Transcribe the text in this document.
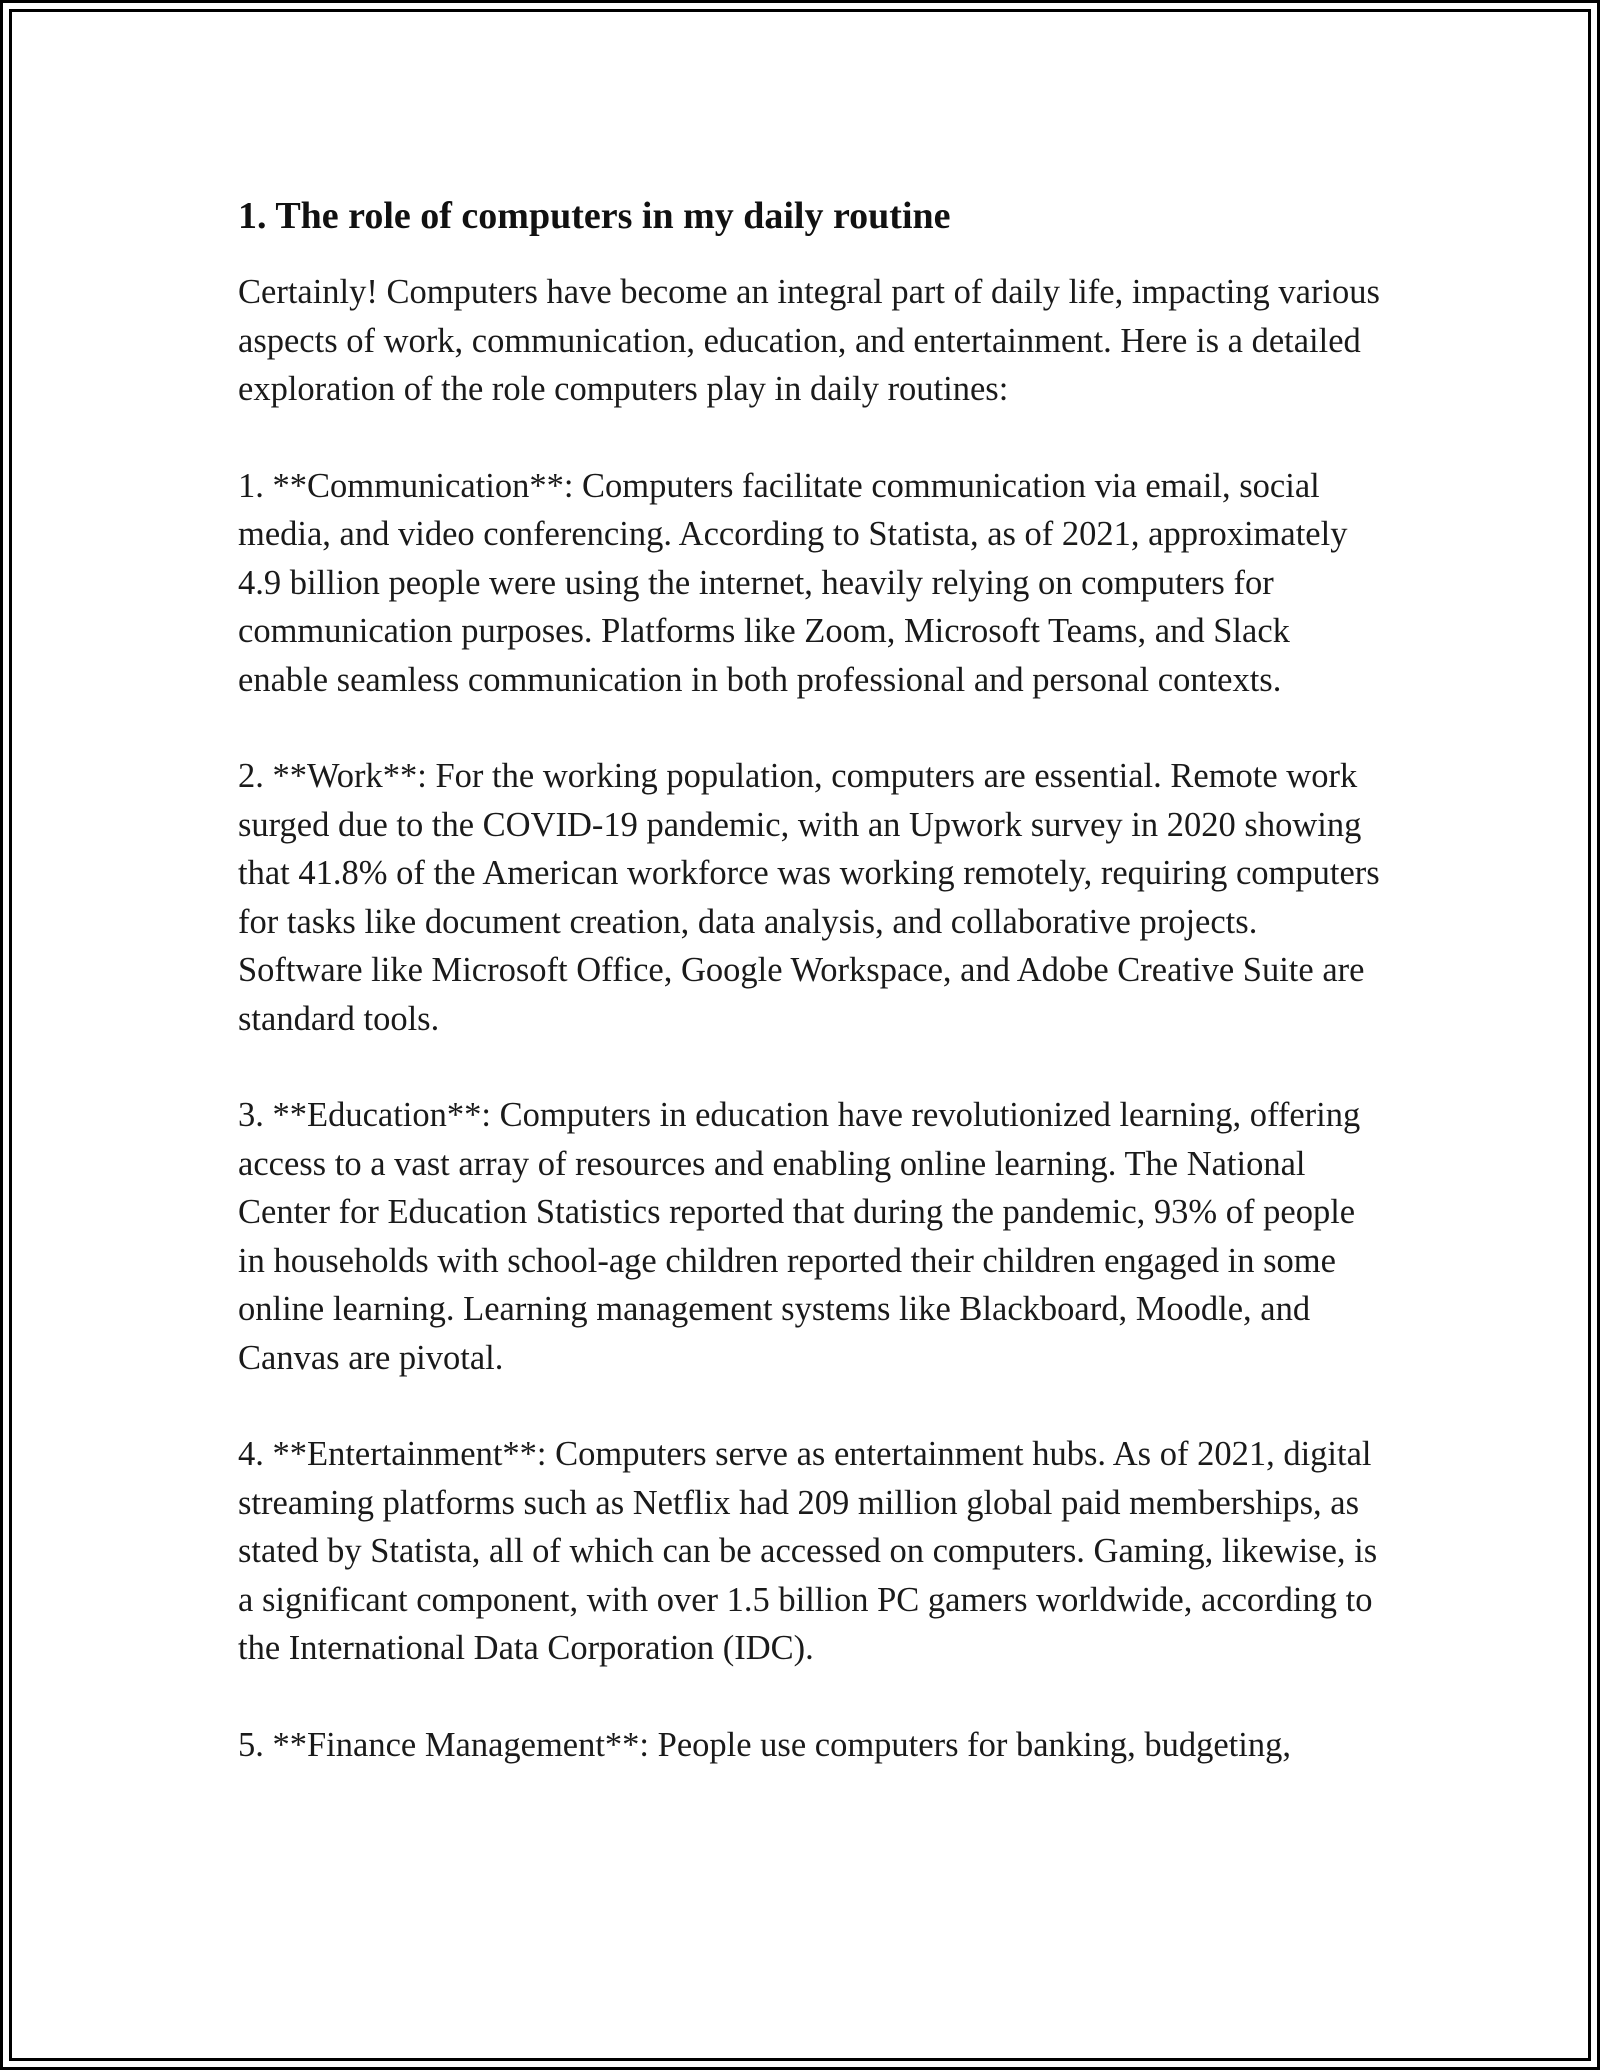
1. The role of computers in my daily routine

Certainly! Computers have become an integral part of daily life, impacting various aspects of work, communication, education, and entertainment. Here is a detailed exploration of the role computers play in daily routines:

1. **Communication**: Computers facilitate communication via email, social media, and video conferencing. According to Statista, as of 2021, approximately 4.9 billion people were using the internet, heavily relying on computers for communication purposes. Platforms like Zoom, Microsoft Teams, and Slack enable seamless communication in both professional and personal contexts.

2. **Work**: For the working population, computers are essential. Remote work surged due to the COVID-19 pandemic, with an Upwork survey in 2020 showing that 41.8% of the American workforce was working remotely, requiring computers for tasks like document creation, data analysis, and collaborative projects. Software like Microsoft Office, Google Workspace, and Adobe Creative Suite are standard tools.

3. **Education**: Computers in education have revolutionized learning, offering access to a vast array of resources and enabling online learning. The National Center for Education Statistics reported that during the pandemic, 93% of people in households with school-age children reported their children engaged in some online learning. Learning management systems like Blackboard, Moodle, and Canvas are pivotal.

4. **Entertainment**: Computers serve as entertainment hubs. As of 2021, digital streaming platforms such as Netflix had 209 million global paid memberships, as stated by Statista, all of which can be accessed on computers. Gaming, likewise, is a significant component, with over 1.5 billion PC gamers worldwide, according to the International Data Corporation (IDC).

5. **Finance Management**: People use computers for banking, budgeting,
